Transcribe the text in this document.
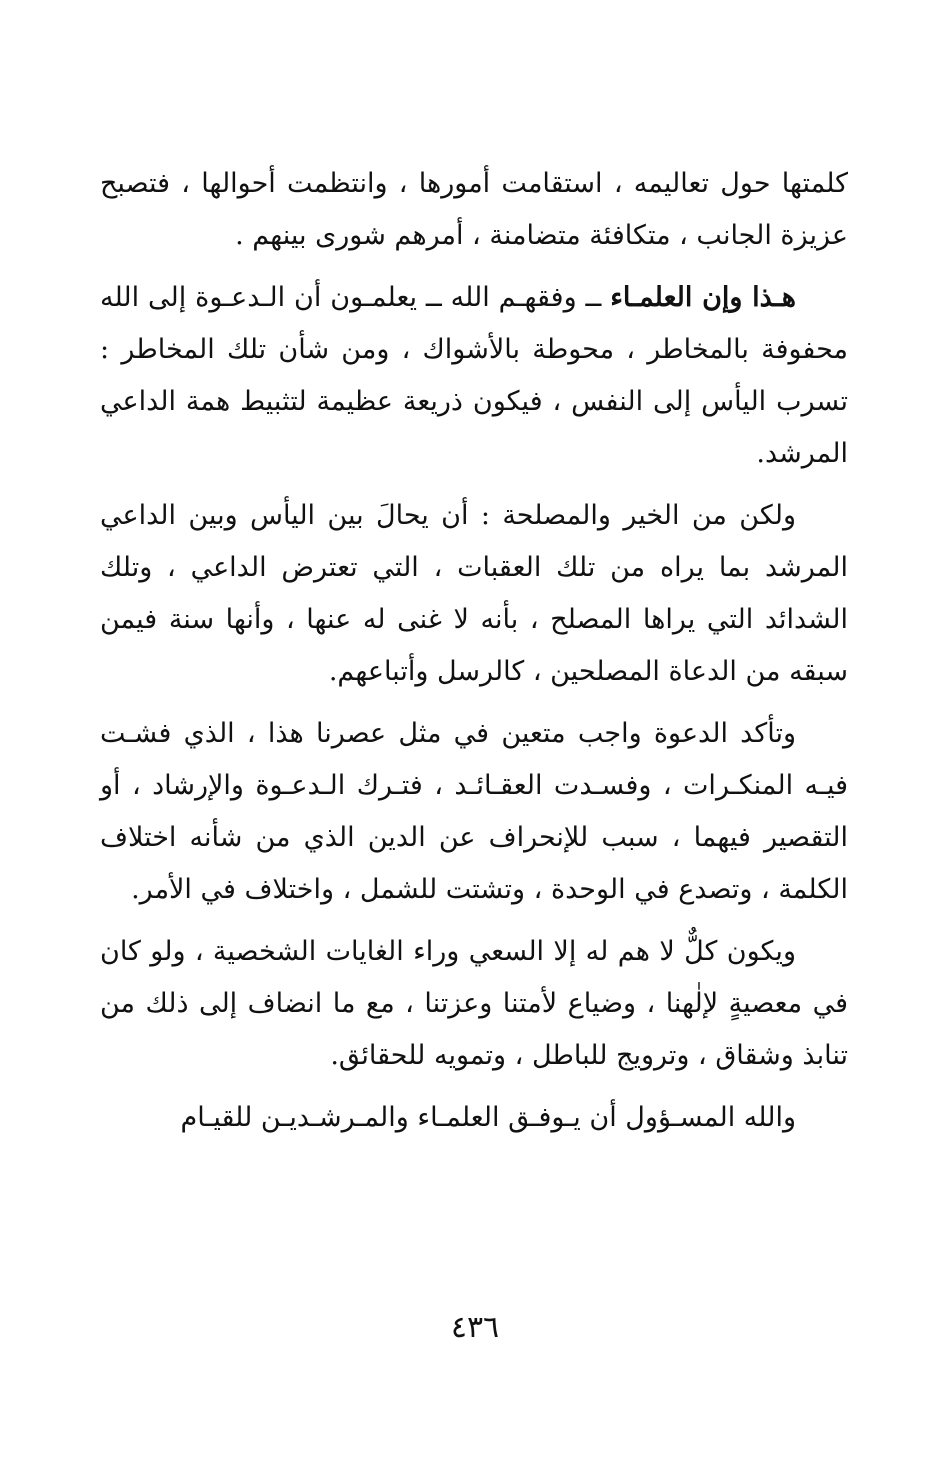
كلمتها حول تعاليمه ، استقامت أمورها ، وانتظمت أحوالها ، فتصبح عزيزة الجانب ، متكافئة متضامنة ، أمرهم شورى بينهم .

هـذا وإن العلمـاء ــ وفقهـم الله ــ يعلمـون أن الـدعـوة إلى الله محفوفة بالمخاطر ، محوطة بالأشواك ، ومن شأن تلك المخاطر : تسرب اليأس إلى النفس ، فيكون ذريعة عظيمة لتثبيط همة الداعي المرشد.

ولكن من الخير والمصلحة : أن يحالَ بين اليأس وبين الداعي المرشد بما يراه من تلك العقبات ، التي تعترض الداعي ، وتلك الشدائد التي يراها المصلح ، بأنه لا غنى له عنها ، وأنها سنة فيمن سبقه من الدعاة المصلحين ، كالرسل وأتباعهم.

وتأكد الدعوة واجب متعين في مثل عصرنا هذا ، الذي فشـت فيـه المنكـرات ، وفسـدت العقـائـد ، فتـرك الـدعـوة والإرشاد ، أو التقصير فيهما ، سبب للإنحراف عن الدين الذي من شأنه اختلاف الكلمة ، وتصدع في الوحدة ، وتشتت للشمل ، واختلاف في الأمر.

ويكون كلٌّ لا هم له إلا السعي وراء الغايات الشخصية ، ولو كان في معصيةٍ لإلٰهنا ، وضياع لأمتنا وعزتنا ، مع ما انضاف إلى ذلك من تنابذ وشقاق ، وترويج للباطل ، وتمويه للحقائق.

والله المسـؤول أن يـوفـق العلمـاء والمـرشـديـن للقيـام

٤٣٦
